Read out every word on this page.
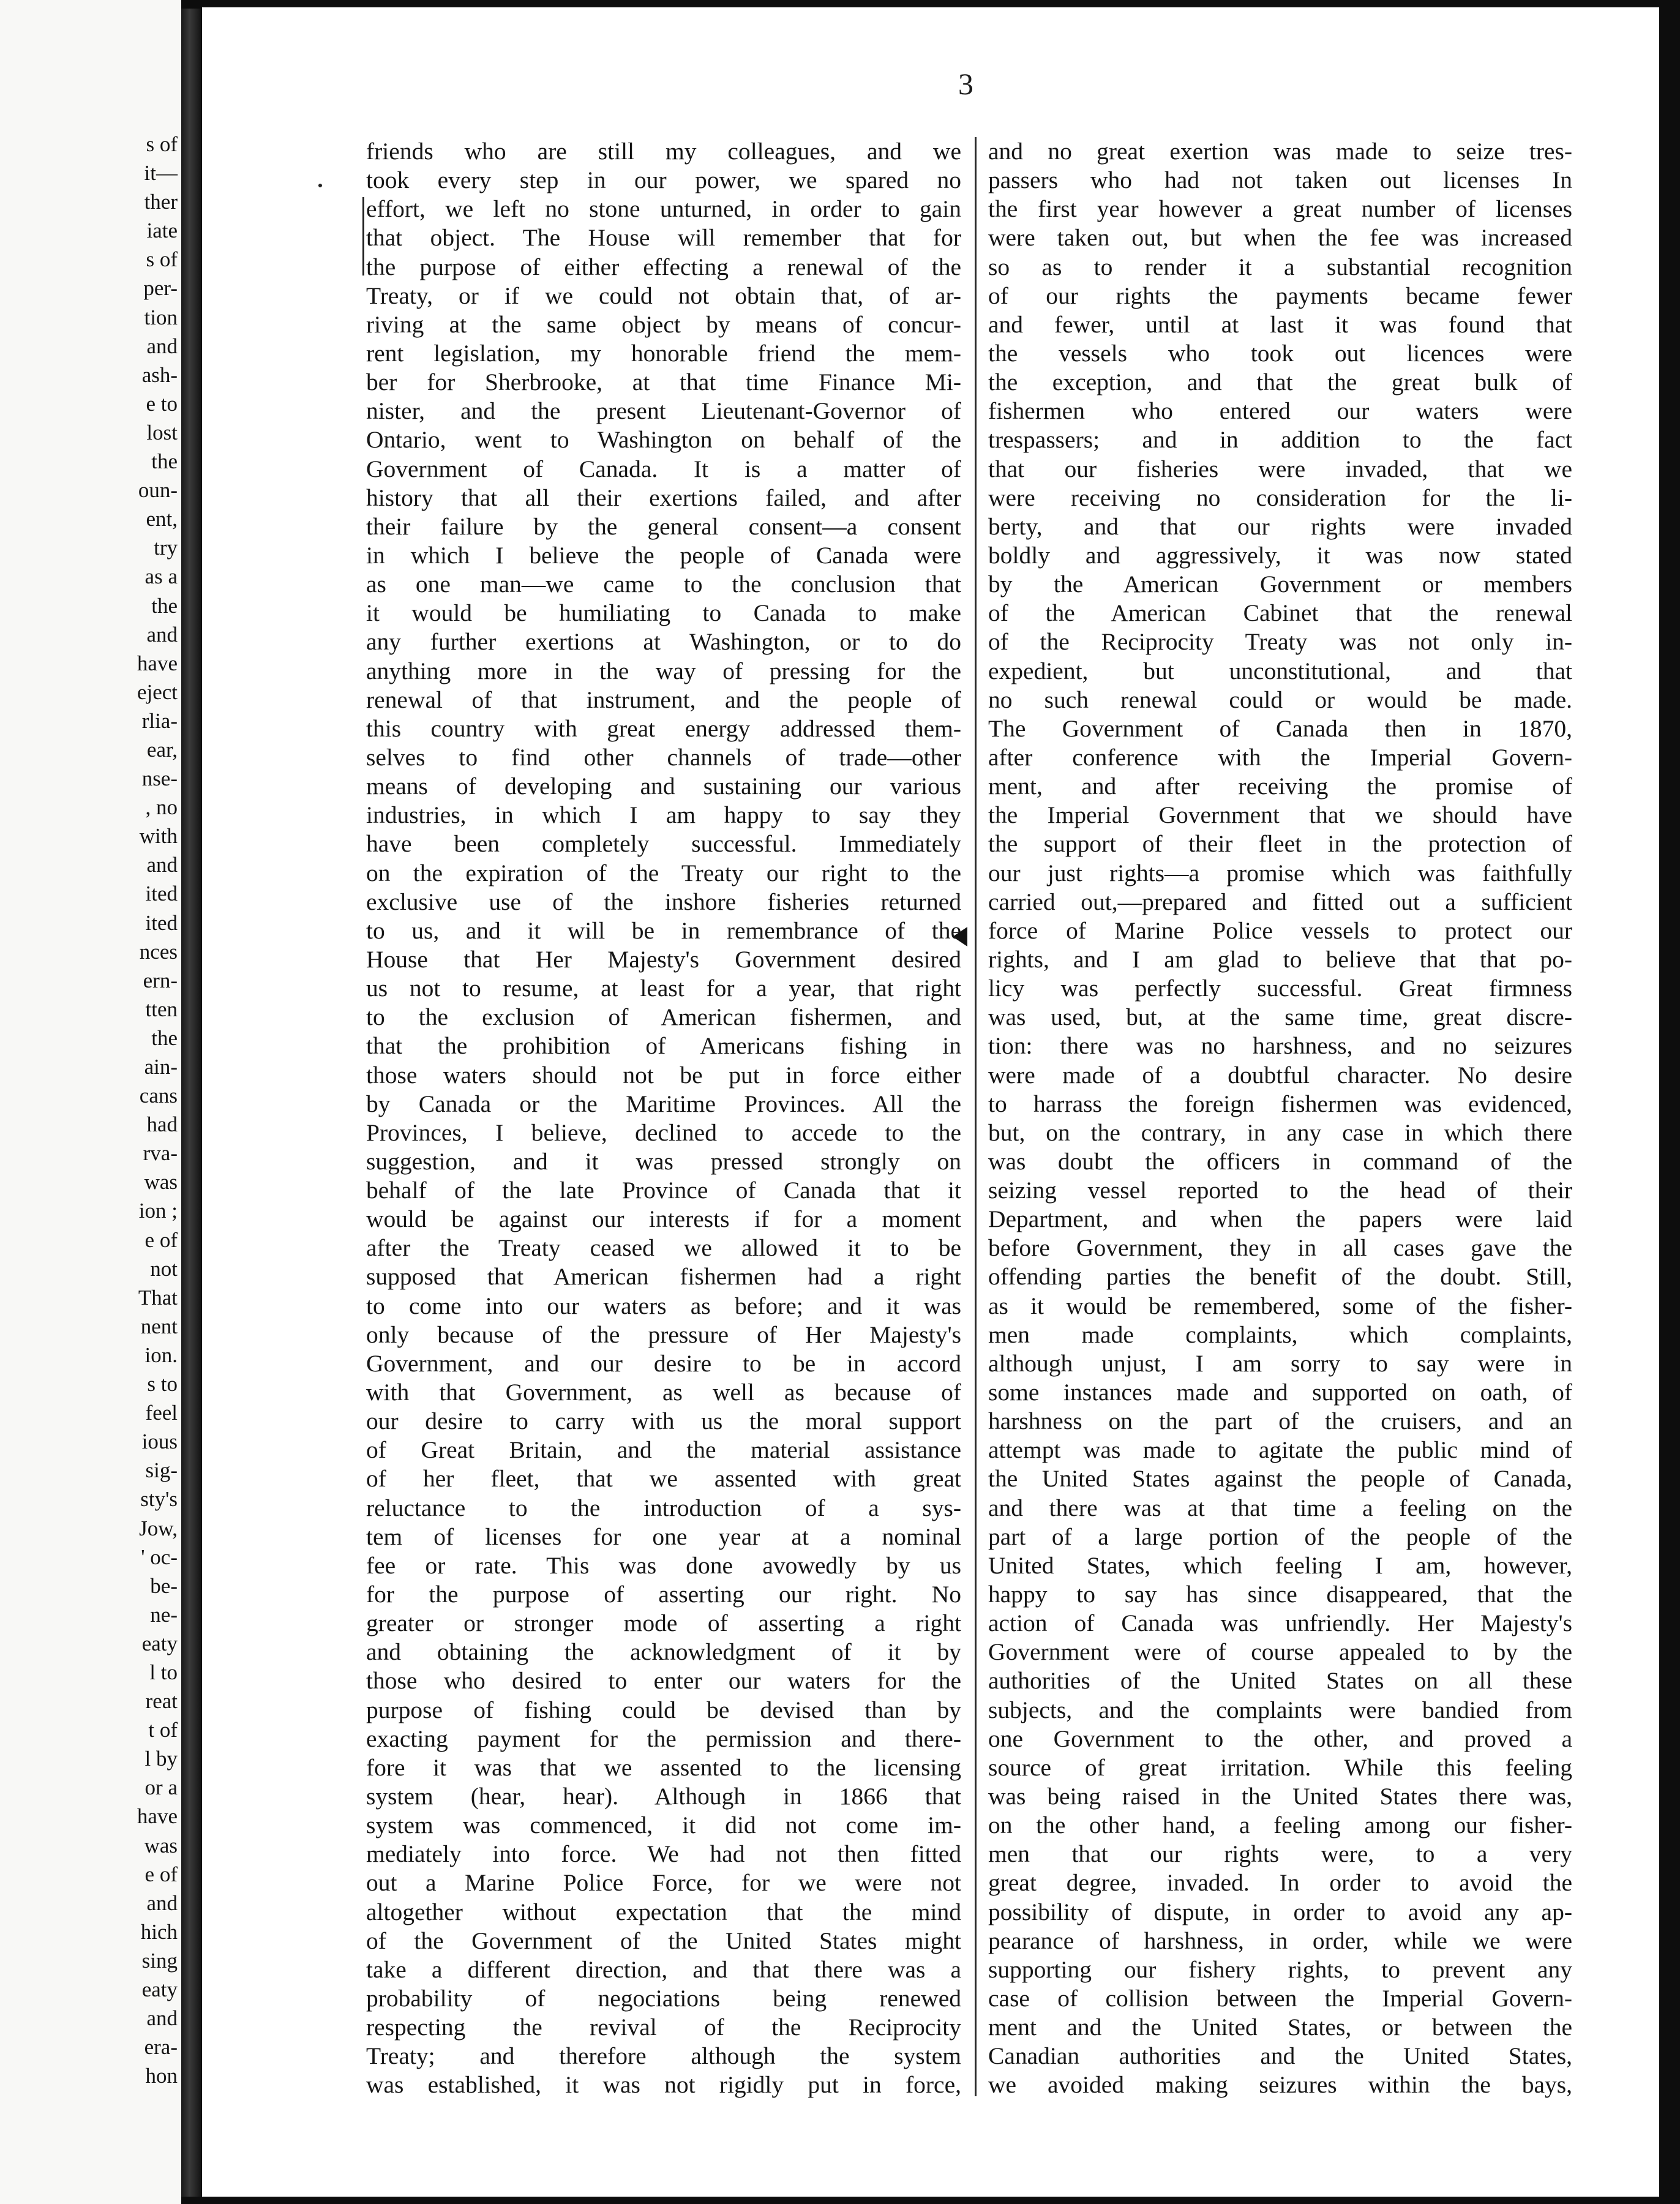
s of
it—
ther
iate
s of
per-
tion
and
ash-
e to
lost
the
oun-
ent,
try
as a
the
and
have
eject
rlia-
ear,
nse-
, no
with
and
ited
ited
nces
ern-
tten
the
ain-
cans
had
rva-
was
ion ;
e of
not
That
nent
ion.
s to
feel
ious
sig-
sty's
Jow,
' oc-
be-
ne-
eaty
l to
reat
t of
l by
or a
have
was
e of
and
hich
sing
eaty
and
era-
hon
3
friends who are still my colleagues, and we
took every step in our power, we spared no
effort, we left no stone unturned, in order to gain
that object. The House will remember that for
the purpose of either effecting a renewal of the
Treaty, or if we could not obtain that, of ar-
riving at the same object by means of concur-
rent legislation, my honorable friend the mem-
ber for Sherbrooke, at that time Finance Mi-
nister, and the present Lieutenant-Governor of
Ontario, went to Washington on behalf of the
Government of Canada. It is a matter of
history that all their exertions failed, and after
their failure by the general consent—a consent
in which I believe the people of Canada were
as one man—we came to the conclusion that
it would be humiliating to Canada to make
any further exertions at Washington, or to do
anything more in the way of pressing for the
renewal of that instrument, and the people of
this country with great energy addressed them-
selves to find other channels of trade—other
means of developing and sustaining our various
industries, in which I am happy to say they
have been completely successful. Immediately
on the expiration of the Treaty our right to the
exclusive use of the inshore fisheries returned
to us, and it will be in remembrance of the
House that Her Majesty's Government desired
us not to resume, at least for a year, that right
to the exclusion of American fishermen, and
that the prohibition of Americans fishing in
those waters should not be put in force either
by Canada or the Maritime Provinces. All the
Provinces, I believe, declined to accede to the
suggestion, and it was pressed strongly on
behalf of the late Province of Canada that it
would be against our interests if for a moment
after the Treaty ceased we allowed it to be
supposed that American fishermen had a right
to come into our waters as before; and it was
only because of the pressure of Her Majesty's
Government, and our desire to be in accord
with that Government, as well as because of
our desire to carry with us the moral support
of Great Britain, and the material assistance
of her fleet, that we assented with great
reluctance to the introduction of a sys-
tem of licenses for one year at a nominal
fee or rate. This was done avowedly by us
for the purpose of asserting our right. No
greater or stronger mode of asserting a right
and obtaining the acknowledgment of it by
those who desired to enter our waters for the
purpose of fishing could be devised than by
exacting payment for the permission and there-
fore it was that we assented to the licensing
system (hear, hear). Although in 1866 that
system was commenced, it did not come im-
mediately into force. We had not then fitted
out a Marine Police Force, for we were not
altogether without expectation that the mind
of the Government of the United States might
take a different direction, and that there was a
probability of negociations being renewed
respecting the revival of the Reciprocity
Treaty; and therefore although the system
was established, it was not rigidly put in force,
and no great exertion was made to seize tres-
passers who had not taken out licenses In
the first year however a great number of licenses
were taken out, but when the fee was increased
so as to render it a substantial recognition
of our rights the payments became fewer
and fewer, until at last it was found that
the vessels who took out licences were
the exception, and that the great bulk of
fishermen who entered our waters were
trespassers; and in addition to the fact
that our fisheries were invaded, that we
were receiving no consideration for the li-
berty, and that our rights were invaded
boldly and aggressively, it was now stated
by the American Government or members
of the American Cabinet that the renewal
of the Reciprocity Treaty was not only in-
expedient, but unconstitutional, and that
no such renewal could or would be made.
The Government of Canada then in 1870,
after conference with the Imperial Govern-
ment, and after receiving the promise of
the Imperial Government that we should have
the support of their fleet in the protection of
our just rights—a promise which was faithfully
carried out,—prepared and fitted out a sufficient
force of Marine Police vessels to protect our
rights, and I am glad to believe that that po-
licy was perfectly successful. Great firmness
was used, but, at the same time, great discre-
tion: there was no harshness, and no seizures
were made of a doubtful character. No desire
to harrass the foreign fishermen was evidenced,
but, on the contrary, in any case in which there
was doubt the officers in command of the
seizing vessel reported to the head of their
Department, and when the papers were laid
before Government, they in all cases gave the
offending parties the benefit of the doubt. Still,
as it would be remembered, some of the fisher-
men made complaints, which complaints,
although unjust, I am sorry to say were in
some instances made and supported on oath, of
harshness on the part of the cruisers, and an
attempt was made to agitate the public mind of
the United States against the people of Canada,
and there was at that time a feeling on the
part of a large portion of the people of the
United States, which feeling I am, however,
happy to say has since disappeared, that the
action of Canada was unfriendly. Her Majesty's
Government were of course appealed to by the
authorities of the United States on all these
subjects, and the complaints were bandied from
one Government to the other, and proved a
source of great irritation. While this feeling
was being raised in the United States there was,
on the other hand, a feeling among our fisher-
men that our rights were, to a very
great degree, invaded. In order to avoid the
possibility of dispute, in order to avoid any ap-
pearance of harshness, in order, while we were
supporting our fishery rights, to prevent any
case of collision between the Imperial Govern-
ment and the United States, or between the
Canadian authorities and the United States,
we avoided making seizures within the bays,
